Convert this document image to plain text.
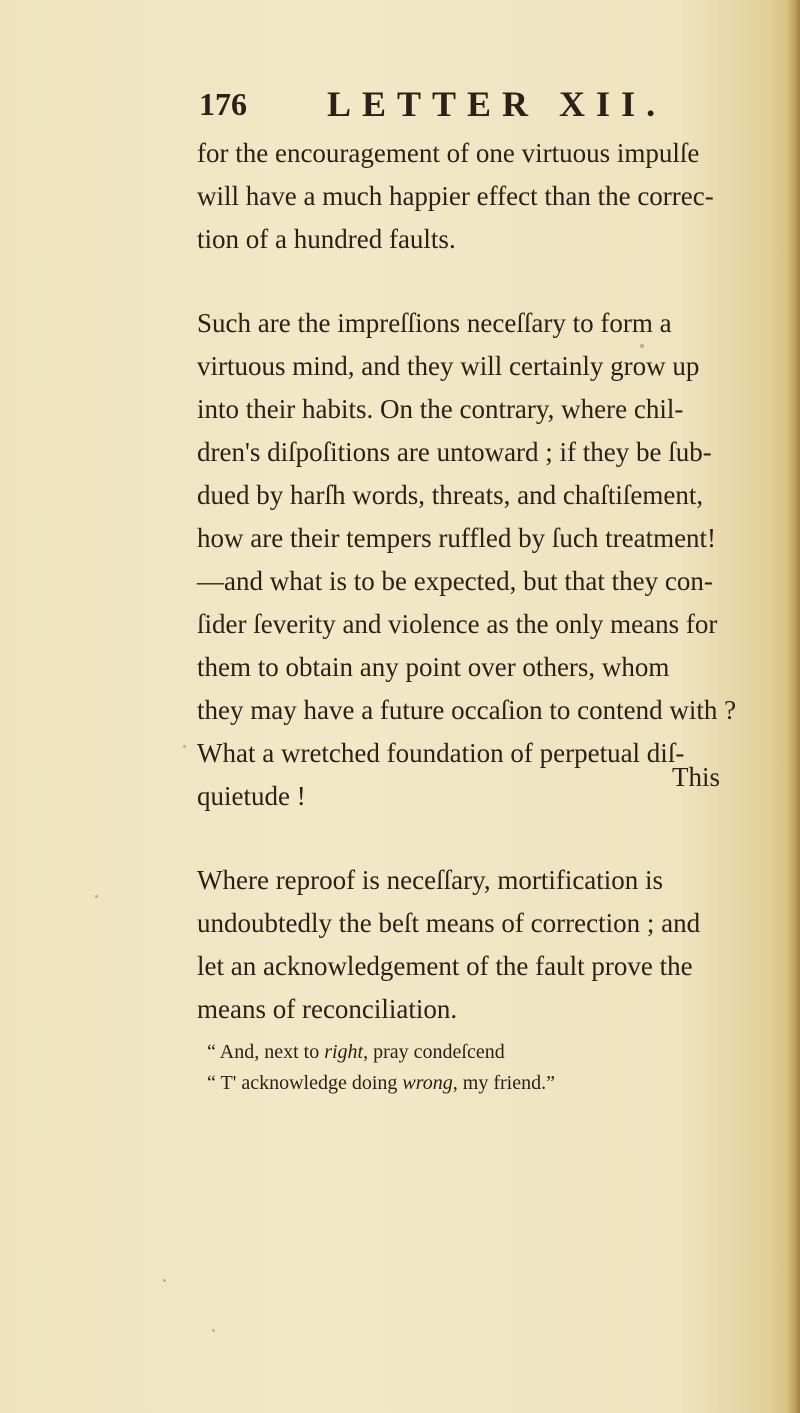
176 LETTER XII.
for the encouragement of one virtuous impulſe
will have a much happier effect than the correc-
tion of a hundred faults.
Such are the impreſſions neceſſary to form a
virtuous mind, and they will certainly grow up
into their habits. On the contrary, where chil-
dren's diſpoſitions are untoward ; if they be ſub-
dued by harſh words, threats, and chaſtiſement,
how are their tempers ruffled by ſuch treatment!
—and what is to be expected, but that they con-
ſider ſeverity and violence as the only means for
them to obtain any point over others, whom
they may have a future occaſion to contend with ?
What a wretched foundation of perpetual diſ-
quietude !
Where reproof is neceſſary, mortification is
undoubtedly the beſt means of correction ; and
let an acknowledgement of the fault prove the
means of reconciliation.
“ And, next to right, pray condeſcend
“ T' acknowledge doing wrong, my friend.”
This
